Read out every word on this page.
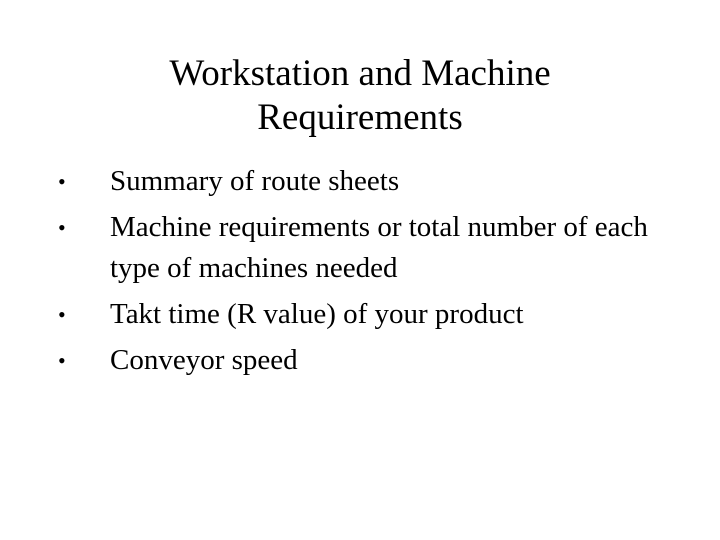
Workstation and Machine
Requirements
• Summary of route sheets
• Machine requirements or total number of each type of machines needed
• Takt time (R value) of your product
• Conveyor speed
